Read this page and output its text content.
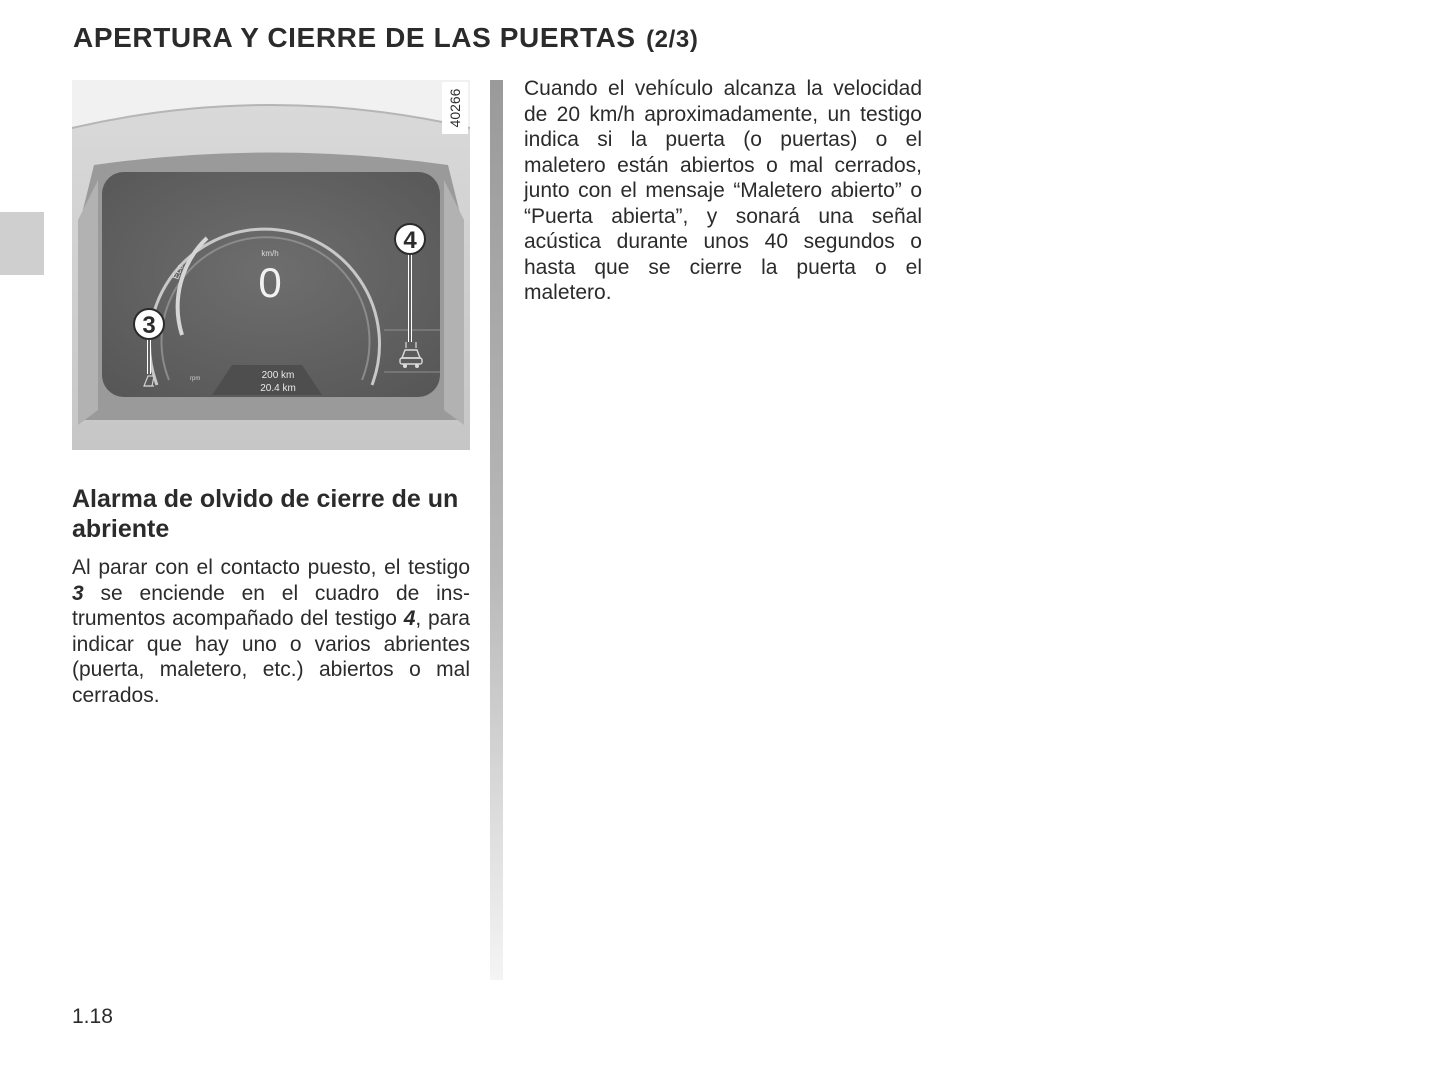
APERTURA Y CIERRE DE LAS PUERTAS (2/3)
km/h
0
Eco
rpm	200 km
20.4 km
3
4
40266
Alarma de olvido de cierre de un abriente

Al parar con el contacto puesto, el testigo 3 se enciende en el cuadro de instrumentos acompañado del testigo 4, para indicar que hay uno o varios abrientes (puerta, maletero, etc.) abiertos o mal cerrados.

Cuando el vehículo alcanza la velocidad de 20 km/h aproximadamente, un testigo indica si la puerta (o puertas) o el maletero están abiertos o mal cerrados, junto con el mensaje “Maletero abierto” o “Puerta abierta”, y sonará una señal acústica durante unos 40 segundos o hasta que se cierre la puerta o el maletero.

1.18
